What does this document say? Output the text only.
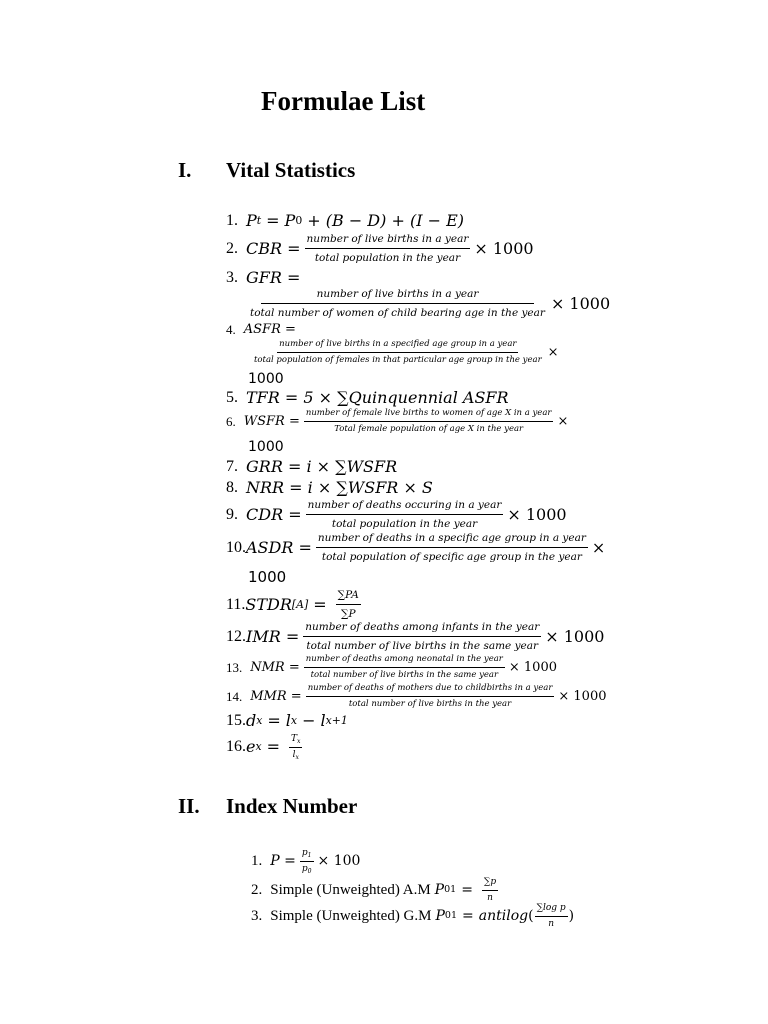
Formulae List
I. Vital Statistics
1. P t = P 0 + (B − D) + (I − E)
2. CBR = $\frac{\text{number of live births in a year}}{\text{total population in the year}} \times 1000$
3. GFR =
$\frac{\text{number of live births in a year}}{\text{total number of women of child bearing age in the year}} \times 1000$
4. ASFR =
number of live births in a specified age group in a year
total population of females in that particular age group in the year ×
1000
5. TFR = 5 × ∑ Quinquennial ASFR
6. WSFR = $\frac{\text{number of female live births to women of age X in a year}}{\text{Total female population of age X in the year}}$ ×
1000
7. GRR = i × ∑ WSFR
8. NRR = i × ∑ WSFR × S
9. CDR = $\frac{\text{number of deaths occuring in a year}}{\text{total population in the year}} \times 1000$
10. ASDR = $\frac{\text{number of deaths in a specific age group in a year}}{\text{total population of specific age group in the year}}$ ×
1000
11. STDR $[A] = \frac{\sum PA}{\sum P}$
12. IMR = $\frac{\text{number of deaths among infants in the year}}{\text{total number of live births in the same year}} \times 1000$
13. NMR = $\frac{\text{number of deaths among neonatal in the year}}{\text{total number of live births in the same year}} \times 1000$
14. MMR = $\frac{\text{number of deaths of mothers due to childbirths in a year}}{\text{total number of live births in the year}} \times 1000$
15. d x = l x − l x+1
16. e $x = \frac{T_x}{l_x}$
II. Index Number
1. $P = \frac{p_1}{p_0} \times 100$
2. Simple (Unweighted) A.M P $01 = \frac{\sum p}{n}$
3. Simple (Unweighted) G.M P 01 = antilog ( $\frac{\text{∑log p}}{n}$ )
